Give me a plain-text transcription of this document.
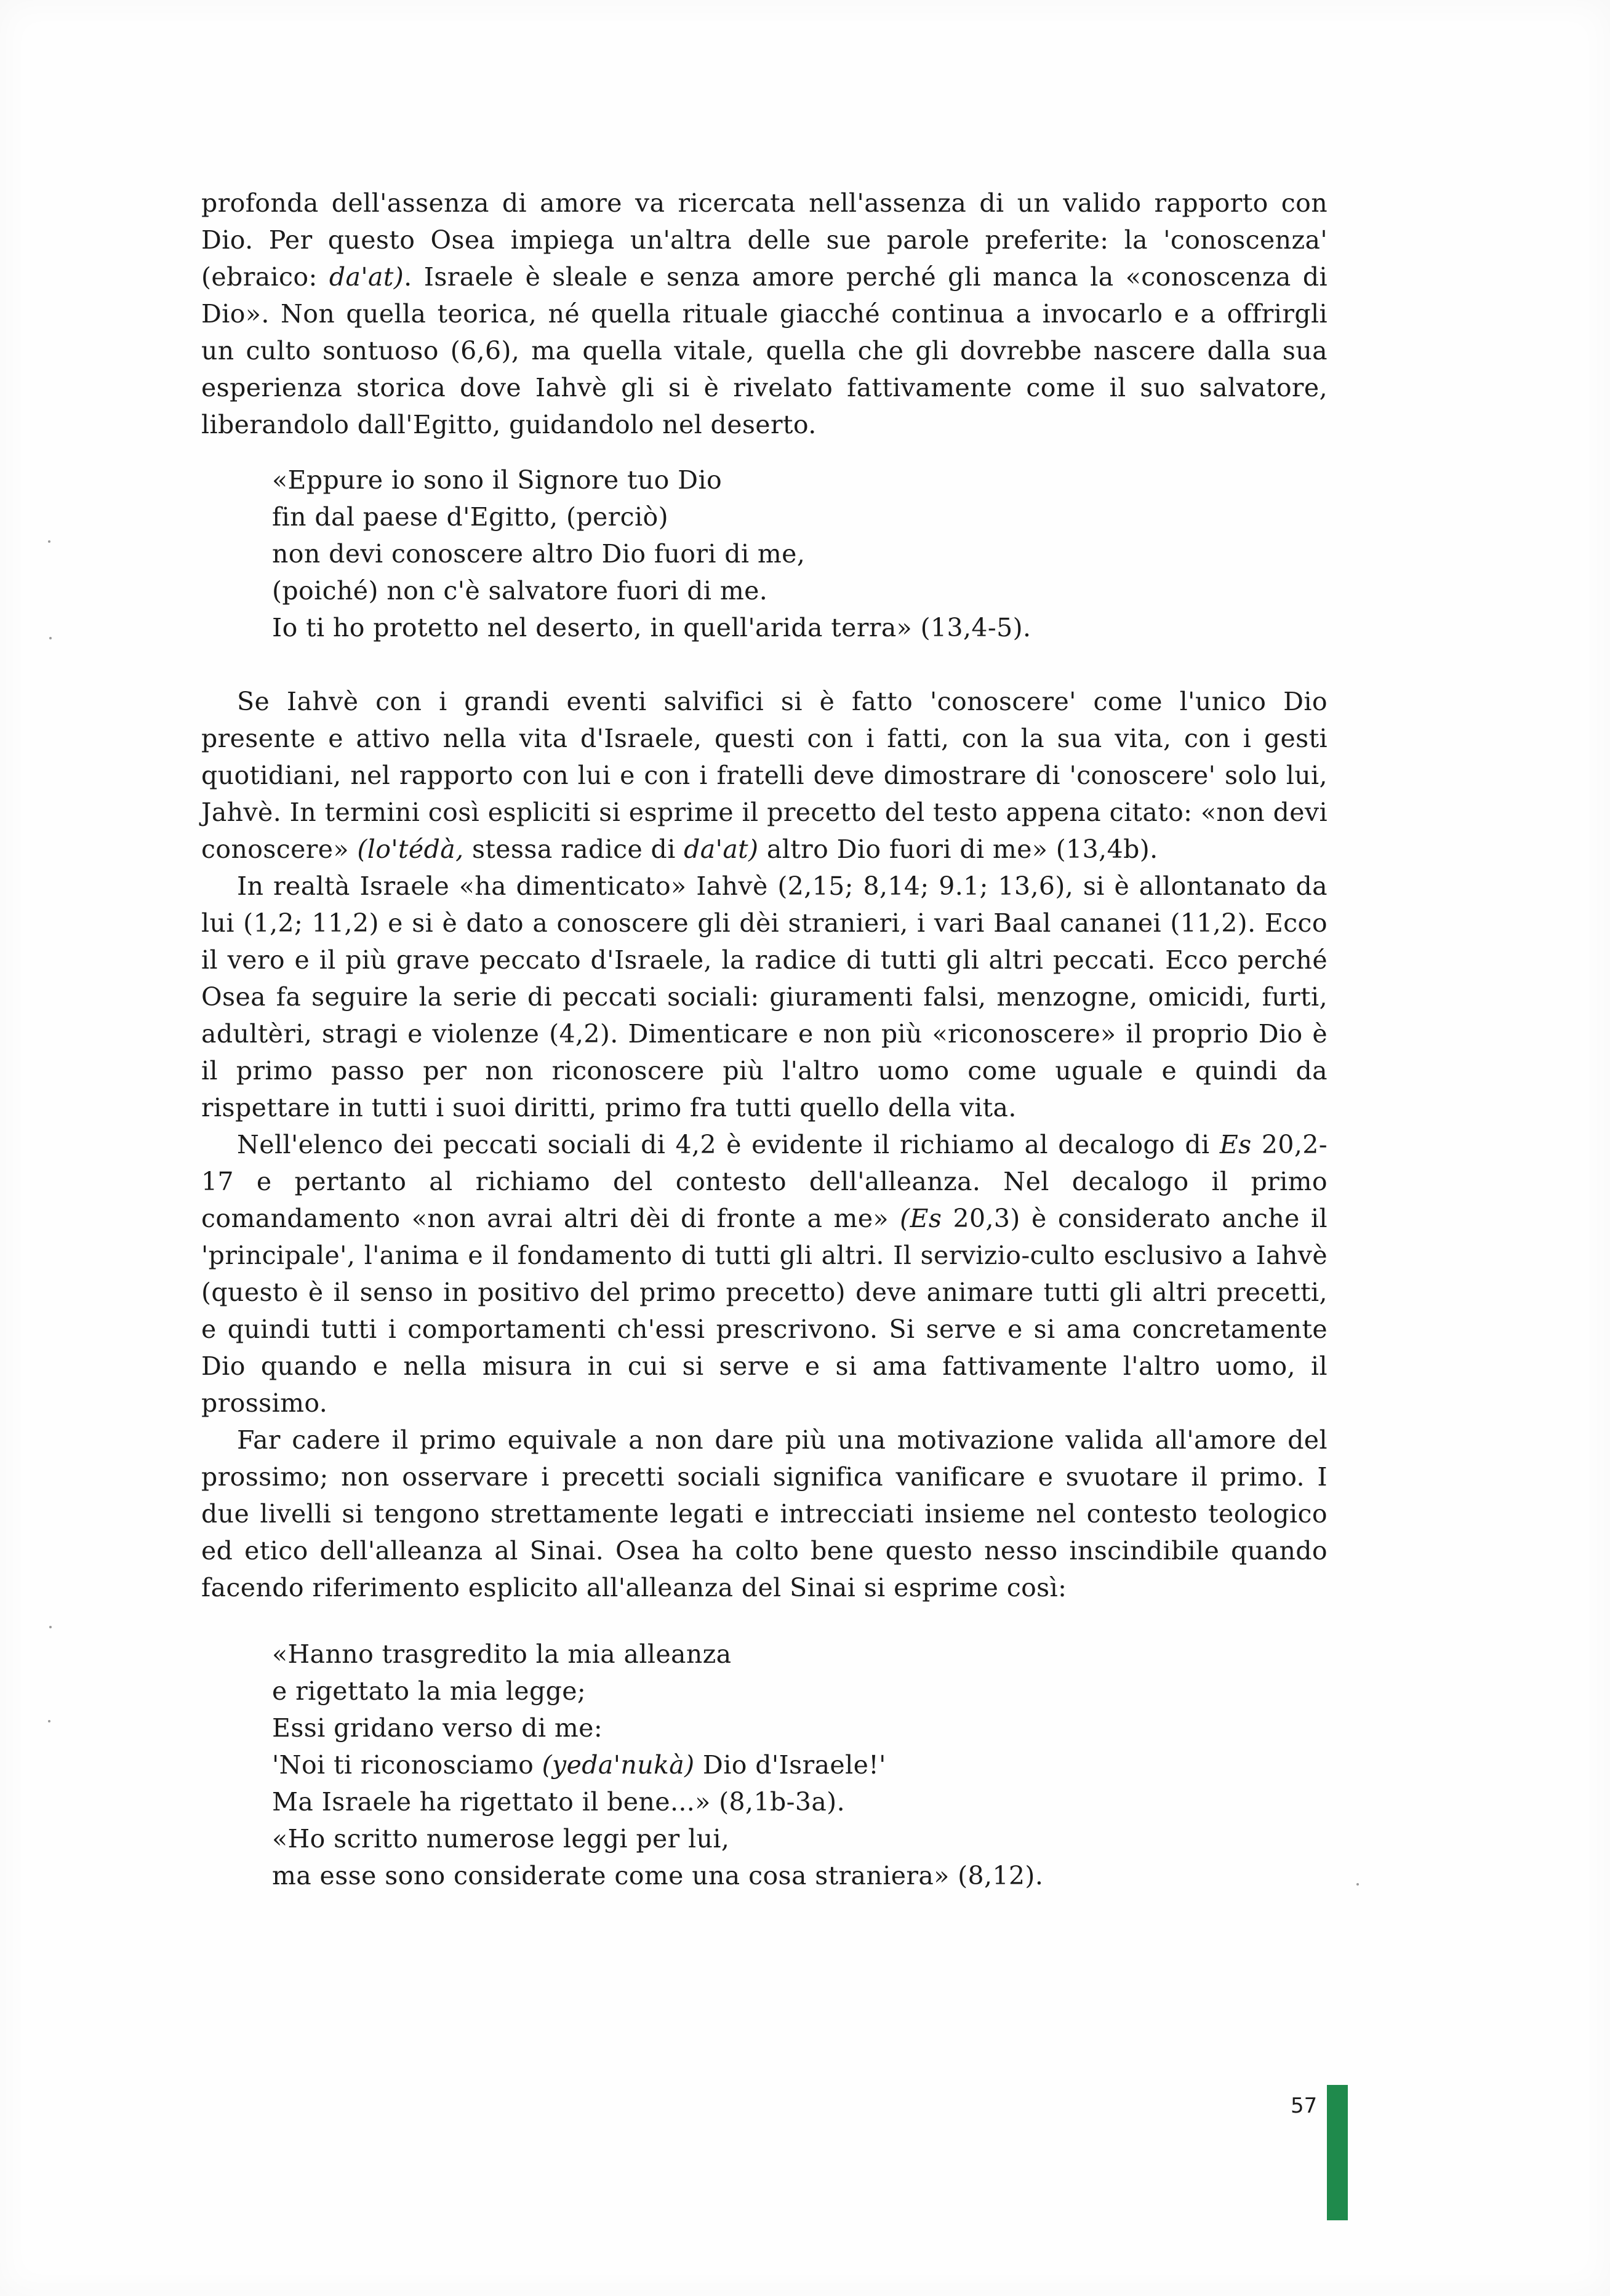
profonda dell'assenza di amore va ricercata nell'assenza di un valido rapporto con Dio. Per questo Osea impiega un'altra delle sue parole preferite: la 'conoscenza' (ebraico: da'at). Israele è sleale e senza amore perché gli manca la «conoscenza di Dio». Non quella teorica, né quella rituale giacché continua a invocarlo e a offrirgli un culto sontuoso (6,6), ma quella vitale, quella che gli dovrebbe nascere dalla sua esperienza storica dove Iahvè gli si è rivelato fattivamente come il suo salvatore, liberandolo dall'Egitto, guidandolo nel deserto.

«Eppure io sono il Signore tuo Dio
fin dal paese d'Egitto, (perciò)
non devi conoscere altro Dio fuori di me,
(poiché) non c'è salvatore fuori di me.
Io ti ho protetto nel deserto, in quell'arida terra» (13,4-5).

Se Iahvè con i grandi eventi salvifici si è fatto 'conoscere' come l'unico Dio presente e attivo nella vita d'Israele, questi con i fatti, con la sua vita, con i gesti quotidiani, nel rapporto con lui e con i fratelli deve dimostrare di 'conoscere' solo lui, Jahvè. In termini così espliciti si esprime il precetto del testo appena citato: «non devi conoscere» (lo'tédà, stessa radice di da'at) altro Dio fuori di me» (13,4b).

In realtà Israele «ha dimenticato» Iahvè (2,15; 8,14; 9.1; 13,6), si è allontanato da lui (1,2; 11,2) e si è dato a conoscere gli dèi stranieri, i vari Baal cananei (11,2). Ecco il vero e il più grave peccato d'Israele, la radice di tutti gli altri peccati. Ecco perché Osea fa seguire la serie di peccati sociali: giuramenti falsi, menzogne, omicidi, furti, adultèri, stragi e violenze (4,2). Dimenticare e non più «riconoscere» il proprio Dio è il primo passo per non riconoscere più l'altro uomo come uguale e quindi da rispettare in tutti i suoi diritti, primo fra tutti quello della vita.

Nell'elenco dei peccati sociali di 4,2 è evidente il richiamo al decalogo di Es 20,2-17 e pertanto al richiamo del contesto dell'alleanza. Nel decalogo il primo comandamento «non avrai altri dèi di fronte a me» (Es 20,3) è considerato anche il 'principale', l'anima e il fondamento di tutti gli altri. Il servizio-culto esclusivo a Iahvè (questo è il senso in positivo del primo precetto) deve animare tutti gli altri precetti, e quindi tutti i comportamenti ch'essi prescrivono. Si serve e si ama concretamente Dio quando e nella misura in cui si serve e si ama fattivamente l'altro uomo, il prossimo.

Far cadere il primo equivale a non dare più una motivazione valida all'amore del prossimo; non osservare i precetti sociali significa vanificare e svuotare il primo. I due livelli si tengono strettamente legati e intrecciati insieme nel contesto teologico ed etico dell'alleanza al Sinai. Osea ha colto bene questo nesso inscindibile quando facendo riferimento esplicito all'alleanza del Sinai si esprime così:

«Hanno trasgredito la mia alleanza
e rigettato la mia legge;
Essi gridano verso di me:
'Noi ti riconosciamo (yeda'nukà) Dio d'Israele!'
Ma Israele ha rigettato il bene...» (8,1b-3a).
«Ho scritto numerose leggi per lui,
ma esse sono considerate come una cosa straniera» (8,12).
57
